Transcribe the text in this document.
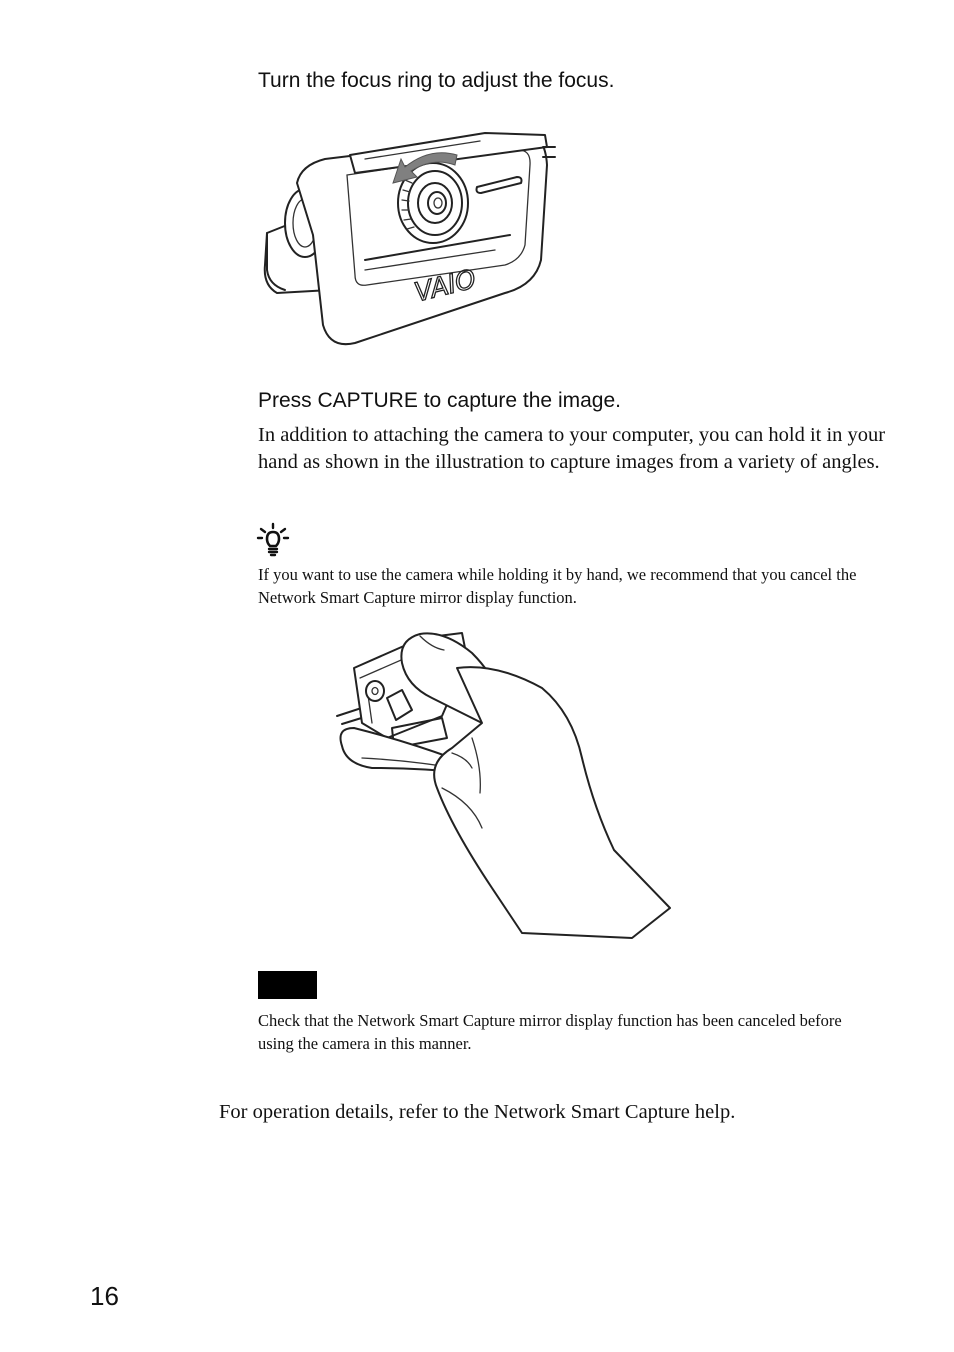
Turn the focus ring to adjust the focus.
VAIO
Press CAPTURE to capture the image.
In addition to attaching the camera to your computer, you can hold it in your hand as shown in the illustration to capture images from a variety of angles.
If you want to use the camera while holding it by hand, we recommend that you cancel the Network Smart Capture mirror display function.
Check that the Network Smart Capture mirror display function has been canceled before using the camera in this manner.
For operation details, refer to the Network Smart Capture help.
16
